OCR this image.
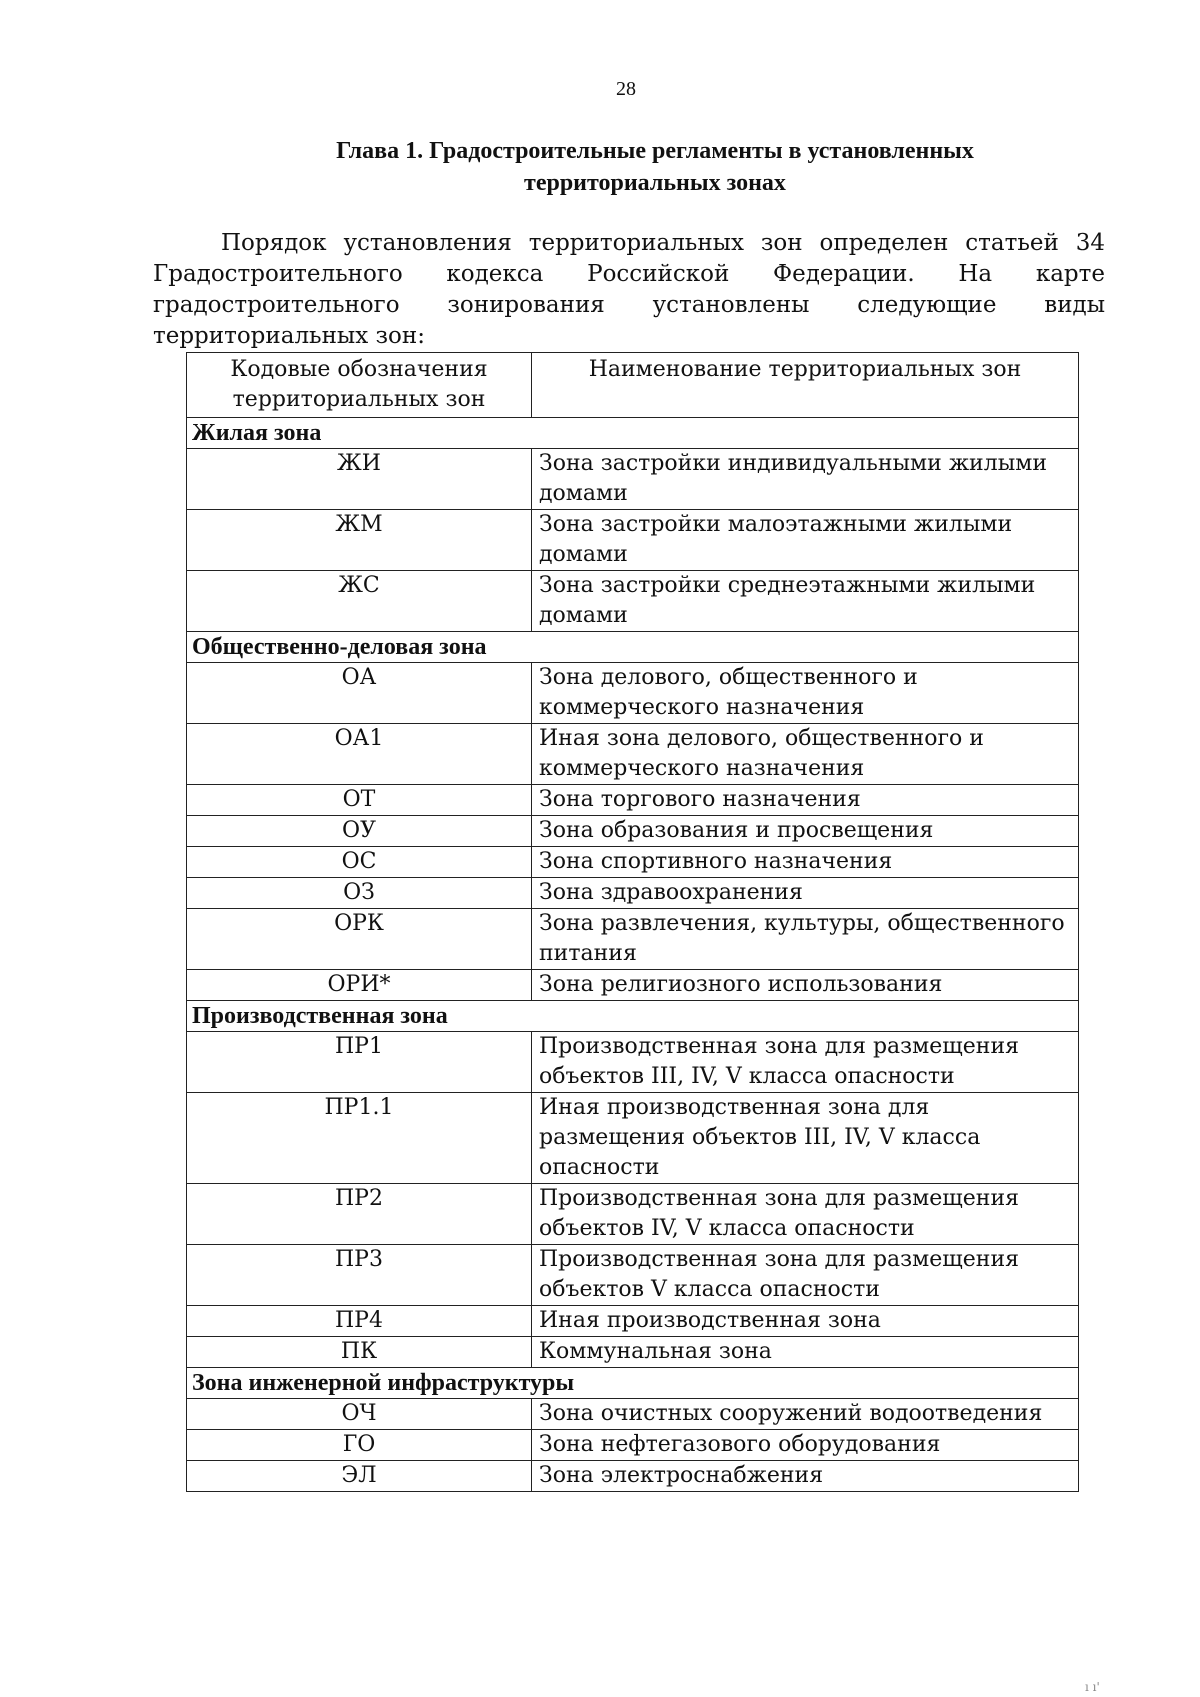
28
Глава 1. Градостроительные регламенты в установленных территориальных зонах

Порядок установления территориальных зон определен статьей 34 Градостроительного кодекса Российской Федерации. На карте градостроительного зонирования установлены следующие виды территориальных зон:

Кодовые обозначения территориальных зон	Наименование территориальных зон
Жилая зона	
ЖИ	Зона застройки индивидуальными жилыми домами
ЖМ	Зона застройки малоэтажными жилыми домами
ЖС	Зона застройки среднеэтажными жилыми домами
Общественно-деловая зона	
ОА	Зона делового, общественного и коммерческого назначения
ОА1	Иная зона делового, общественного и коммерческого назначения
ОТ	Зона торгового назначения
ОУ	Зона образования и просвещения
ОС	Зона спортивного назначения
ОЗ	Зона здравоохранения
ОРК	Зона развлечения, культуры, общественного питания
ОРИ*	Зона религиозного использования
Производственная зона	
ПР1	Производственная зона для размещения объектов III, IV, V класса опасности
ПР1.1	Иная производственная зона для размещения объектов III, IV, V класса опасности
ПР2	Производственная зона для размещения объектов IV, V класса опасности
ПР3	Производственная зона для размещения объектов V класса опасности
ПР4	Иная производственная зона
ПК	Коммунальная зона
Зона инженерной инфраструктуры	
ОЧ	Зона очистных сооружений водоотведения
ГО	Зона нефтегазового оборудования
ЭЛ	Зона электроснабжения
ı ı'
